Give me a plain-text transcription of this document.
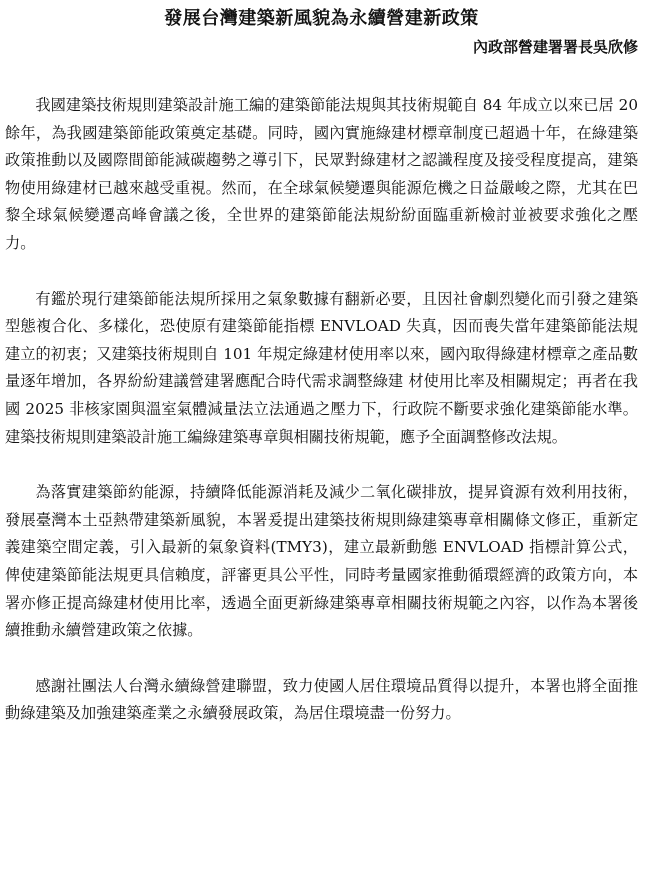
發展台灣建築新風貌為永續營建新政策
內政部營建署署長吳欣修

我國建築技術規則建築設計施工編的建築節能法規與其技術規範自 84 年成立以來已居 20 餘年，為我國建築節能政策奠定基礎。同時，國內實施綠建材標章制度已超過十年，在綠建築政策推動以及國際間節能減碳趨勢之導引下，民眾對綠建材之認識程度及接受程度提高，建築物使用綠建材已越來越受重視。然而，在全球氣候變遷與能源危機之日益嚴峻之際，尤其在巴黎全球氣候變遷高峰會議之後，全世界的建築節能法規紛紛面臨重新檢討並被要求強化之壓力。

有鑑於現行建築節能法規所採用之氣象數據有翻新必要，且因社會劇烈變化而引發之建築型態複合化、多樣化，恐使原有建築節能指標 ENVLOAD 失真，因而喪失當年建築節能法規建立的初衷；又建築技術規則自 101 年規定綠建材使用率以來，國內取得綠建材標章之產品數量逐年增加，各界紛紛建議營建署應配合時代需求調整綠建 材使用比率及相關規定；再者在我國 2025 非核家園與溫室氣體減量法立法通過之壓力下，行政院不斷要求強化建築節能水準。建築技術規則建築設計施工編綠建築專章與相關技術規範，應予全面調整修改法規。

為落實建築節約能源，持續降低能源消耗及減少二氧化碳排放，提昇資源有效利用技術，發展臺灣本土亞熱帶建築新風貌，本署爰提出建築技術規則綠建築專章相關條文修正，重新定義建築空間定義，引入最新的氣象資料(TMY3)，建立最新動態 ENVLOAD 指標計算公式，俾使建築節能法規更具信賴度，評審更具公平性，同時考量國家推動循環經濟的政策方向，本署亦修正提高綠建材使用比率，透過全面更新綠建築專章相關技術規範之內容，以作為本署後續推動永續營建政策之依據。

感謝社團法人台灣永續綠營建聯盟，致力使國人居住環境品質得以提升，本署也將全面推動綠建築及加強建築產業之永續發展政策，為居住環境盡一份努力。
